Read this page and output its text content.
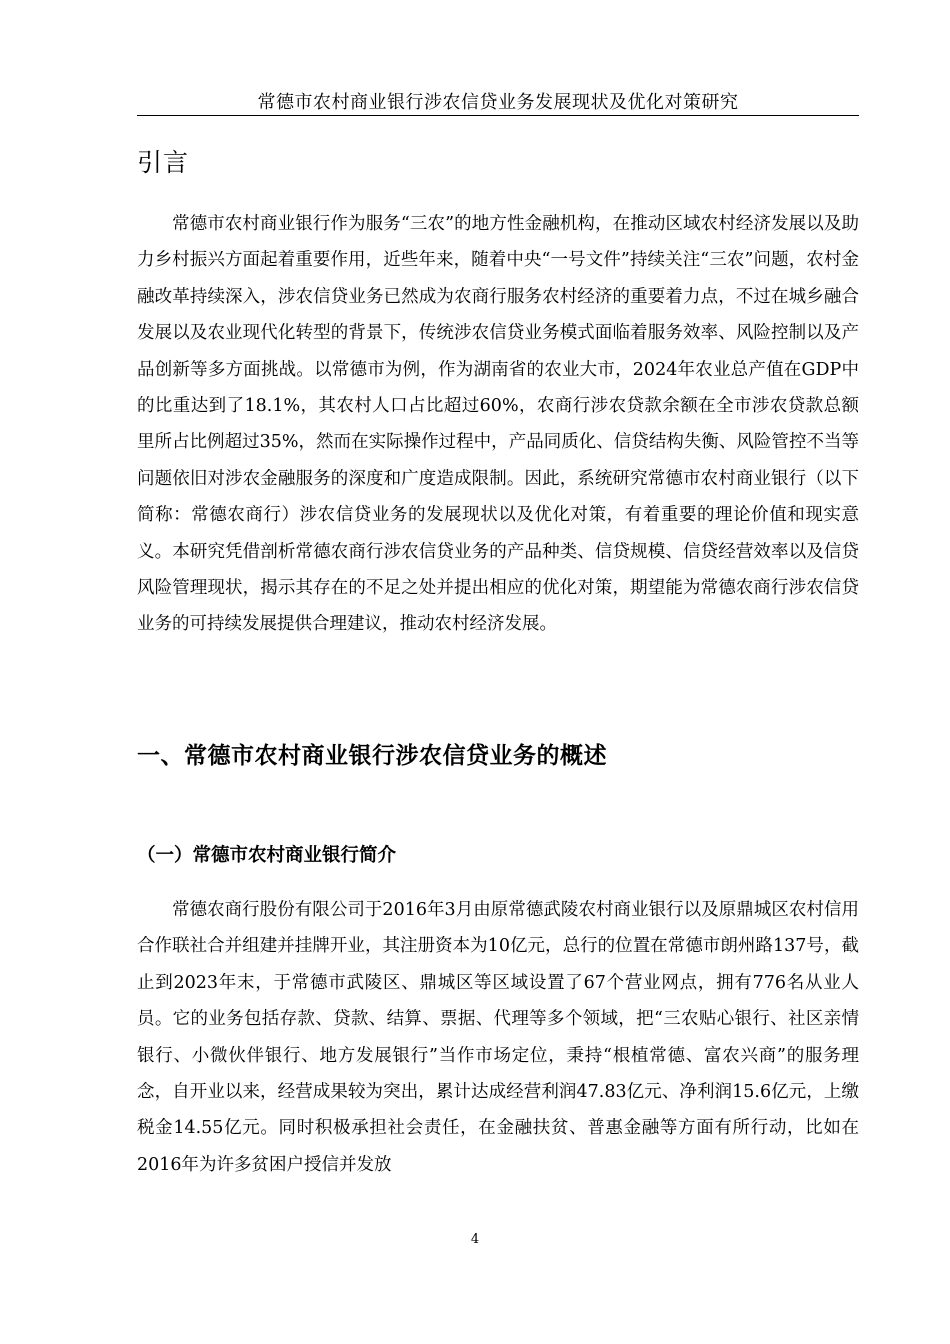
常德市农村商业银行涉农信贷业务发展现状及优化对策研究
引言

常德市农村商业银行作为服务“三农”的地方性金融机构，在推动区域农村经济发展以及助力乡村振兴方面起着重要作用，近些年来，随着中央“一号文件”持续关注“三农”问题，农村金融改革持续深入，涉农信贷业务已然成为农商行服务农村经济的重要着力点，不过在城乡融合发展以及农业现代化转型的背景下，传统涉农信贷业务模式面临着服务效率、风险控制以及产品创新等多方面挑战。以常德市为例，作为湖南省的农业大市，2024年农业总产值在GDP中的比重达到了18.1%，其农村人口占比超过60%，农商行涉农贷款余额在全市涉农贷款总额里所占比例超过35%，然而在实际操作过程中，产品同质化、信贷结构失衡、风险管控不当等问题依旧对涉农金融服务的深度和广度造成限制。因此，系统研究常德市农村商业银行（以下简称：常德农商行）涉农信贷业务的发展现状以及优化对策，有着重要的理论价值和现实意义。本研究凭借剖析常德农商行涉农信贷业务的产品种类、信贷规模、信贷经营效率以及信贷风险管理现状，揭示其存在的不足之处并提出相应的优化对策，期望能为常德农商行涉农信贷业务的可持续发展提供合理建议，推动农村经济发展。

一、常德市农村商业银行涉农信贷业务的概述
（一）常德市农村商业银行简介

常德农商行股份有限公司于2016年3月由原常德武陵农村商业银行以及原鼎城区农村信用合作联社合并组建并挂牌开业，其注册资本为10亿元，总行的位置在常德市朗州路137号，截止到2023年末，于常德市武陵区、鼎城区等区域设置了67个营业网点，拥有776名从业人员。它的业务包括存款、贷款、结算、票据、代理等多个领域，把“三农贴心银行、社区亲情银行、小微伙伴银行、地方发展银行”当作市场定位，秉持“根植常德、富农兴商”的服务理念，自开业以来，经营成果较为突出，累计达成经营利润47.83亿元、净利润15.6亿元，上缴税金14.55亿元。同时积极承担社会责任，在金融扶贫、普惠金融等方面有所行动，比如在2016年为许多贫困户授信并发放

4
